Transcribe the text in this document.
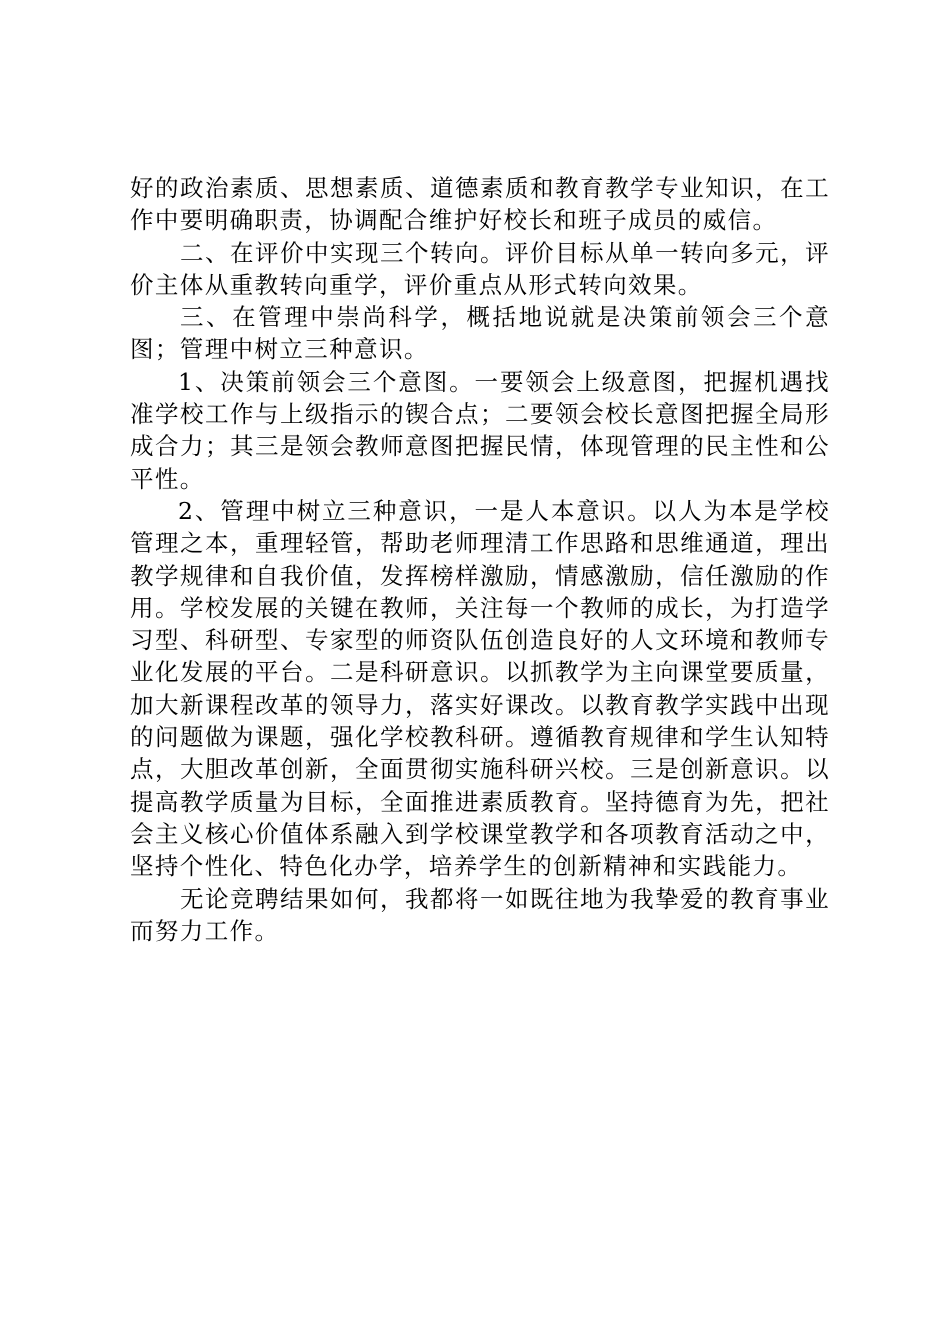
好的政治素质、思想素质、道德素质和教育教学专业知识，在工作中要明确职责，协调配合维护好校长和班子成员的威信。

二、在评价中实现三个转向。评价目标从单一转向多元，评价主体从重教转向重学，评价重点从形式转向效果。

三、在管理中崇尚科学，概括地说就是决策前领会三个意图；管理中树立三种意识。

1、决策前领会三个意图。一要领会上级意图，把握机遇找准学校工作与上级指示的锲合点；二要领会校长意图把握全局形成合力；其三是领会教师意图把握民情，体现管理的民主性和公平性。

2、管理中树立三种意识，一是人本意识。以人为本是学校管理之本，重理轻管，帮助老师理清工作思路和思维通道，理出教学规律和自我价值，发挥榜样激励，情感激励，信任激励的作用。学校发展的关键在教师，关注每一个教师的成长，为打造学习型、科研型、专家型的师资队伍创造良好的人文环境和教师专业化发展的平台。二是科研意识。以抓教学为主向课堂要质量，加大新课程改革的领导力，落实好课改。以教育教学实践中出现的问题做为课题，强化学校教科研。遵循教育规律和学生认知特点，大胆改革创新，全面贯彻实施科研兴校。三是创新意识。以提高教学质量为目标，全面推进素质教育。坚持德育为先，把社会主义核心价值体系融入到学校课堂教学和各项教育活动之中，坚持个性化、特色化办学，培养学生的创新精神和实践能力。

无论竞聘结果如何，我都将一如既往地为我挚爱的教育事业而努力工作。
